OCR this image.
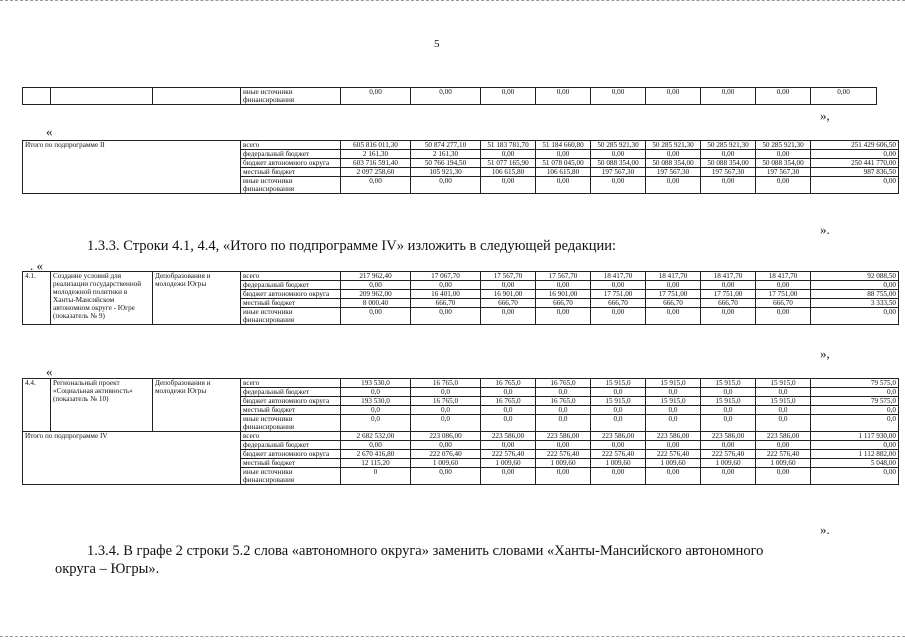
5
			иные источники финансирования	0,00	0,00	0,00	0,00	0,00	0,00	0,00	0,00	0,00
»,
«
Итого по подпрограмме II	всего	605 816 011,30	50 874 277,10	51 183 781,70	51 184 660,80	50 285 921,30	50 285 921,30	50 285 921,30	50 285 921,30	251 429 606,50
	федеральный бюджет	2 161,30	2 161,30	0,00	0,00	0,00	0,00	0,00	0,00	0,00
	бюджет автономного округа	603 716 591,40	50 766 194,50	51 077 165,90	51 078 045,00	50 088 354,00	50 088 354,00	50 088 354,00	50 088 354,00	250 441 770,00
	местный бюджет	2 097 258,60	105 921,30	106 615,80	106 615,80	197 567,30	197 567,30	197 567,30	197 567,30	987 836,50
	иные источники финансирования	0,00	0,00	0,00	0,00	0,00	0,00	0,00	0,00	0,00
».
1.3.3. Строки 4.1, 4.4, «Итого по подпрограмме IV» изложить в следующей редакции:
. «
4.1.	Создание условий для реализации государственной молодежной политики в Ханты-Мансийском автономном округе - Югре (показатель № 9)	Депобразования и молодежи Югры	всего	217 962,40	17 067,70	17 567,70	17 567,70	18 417,70	18 417,70	18 417,70	18 417,70	92 088,50
			федеральный бюджет	0,00	0,00	0,00	0,00	0,00	0,00	0,00	0,00	0,00
			бюджет автономного округа	209 962,00	16 401,00	16 901,00	16 901,00	17 751,00	17 751,00	17 751,00	17 751,00	88 755,00
			местный бюджет	8 000,40	666,70	666,70	666,70	666,70	666,70	666,70	666,70	3 333,50
			иные источники финансирования	0,00	0,00	0,00	0,00	0,00	0,00	0,00	0,00	0,00
»,
«
4.4.	Региональный проект «Социальная активность» (показатель № 10)	Депобразования и молодежи Югры	всего	193 530,0	16 765,0	16 765,0	16 765,0	15 915,0	15 915,0	15 915,0	15 915,0	79 575,0
			федеральный бюджет	0,0	0,0	0,0	0,0	0,0	0,0	0,0	0,0	0,0
			бюджет автономного округа	193 530,0	16 765,0	16 765,0	16 765,0	15 915,0	15 915,0	15 915,0	15 915,0	79 575,0
			местный бюджет	0,0	0,0	0,0	0,0	0,0	0,0	0,0	0,0	0,0
			иные источники финансирования	0,0	0,0	0,0	0,0	0,0	0,0	0,0	0,0	0,0
Итого по подпрограмме IV			всего	2 682 532,00	223 086,00	223 586,00	223 586,00	223 586,00	223 586,00	223 586,00	223 586,00	1 117 930,00
			федеральный бюджет	0,00	0,00	0,00	0,00	0,00	0,00	0,00	0,00	0,00
			бюджет автономного округа	2 670 416,80	222 076,40	222 576,40	222 576,40	222 576,40	222 576,40	222 576,40	222 576,40	1 112 882,00
			местный бюджет	12 115,20	1 009,60	1 009,60	1 009,60	1 009,60	1 009,60	1 009,60	1 009,60	5 048,00
			иные источники финансирования	0	0,00	0,00	0,00	0,00	0,00	0,00	0,00	0,00
».
1.3.4. В графе 2 строки 5.2 слова «автономного округа» заменить словами «Ханты-Мансийского автономного
округа – Югры».
